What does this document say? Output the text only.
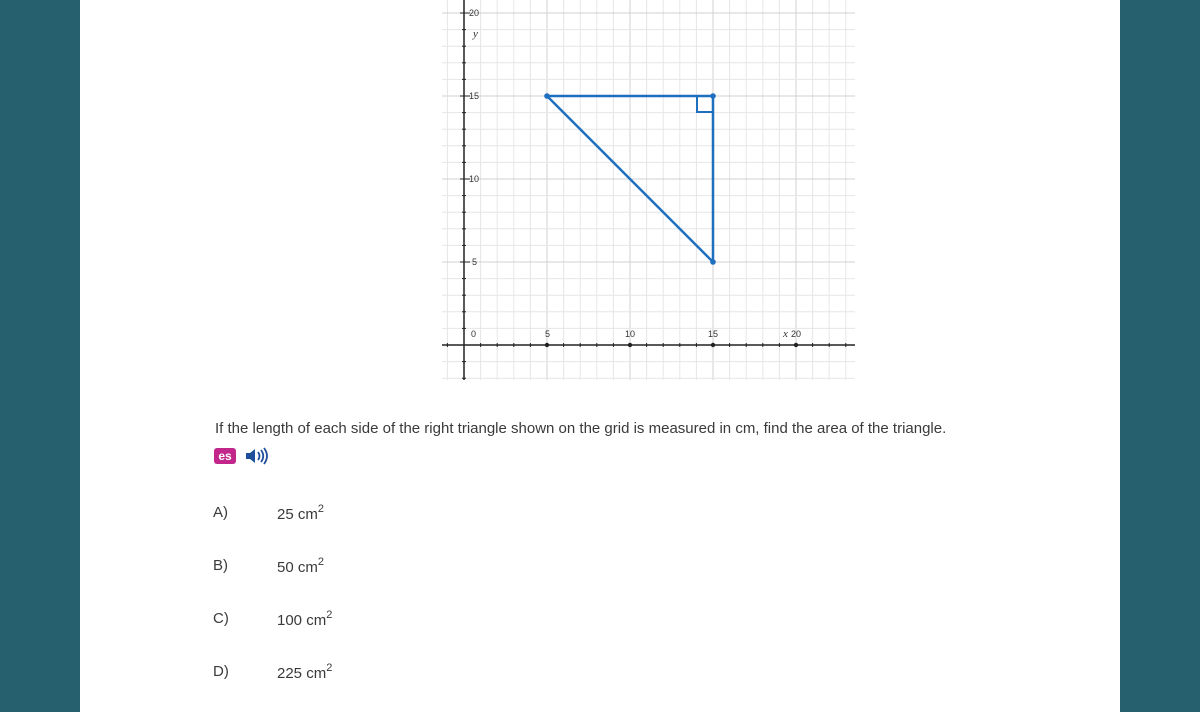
20
15
10
5
y
0	5	10	15	x 20
If the length of each side of the right triangle shown on the grid is measured in cm, find the area of the triangle.
es
A)	25 $cm^2$
B)	50 $cm^2$
C)	100 $cm^2$
D)	225 $cm^2$
